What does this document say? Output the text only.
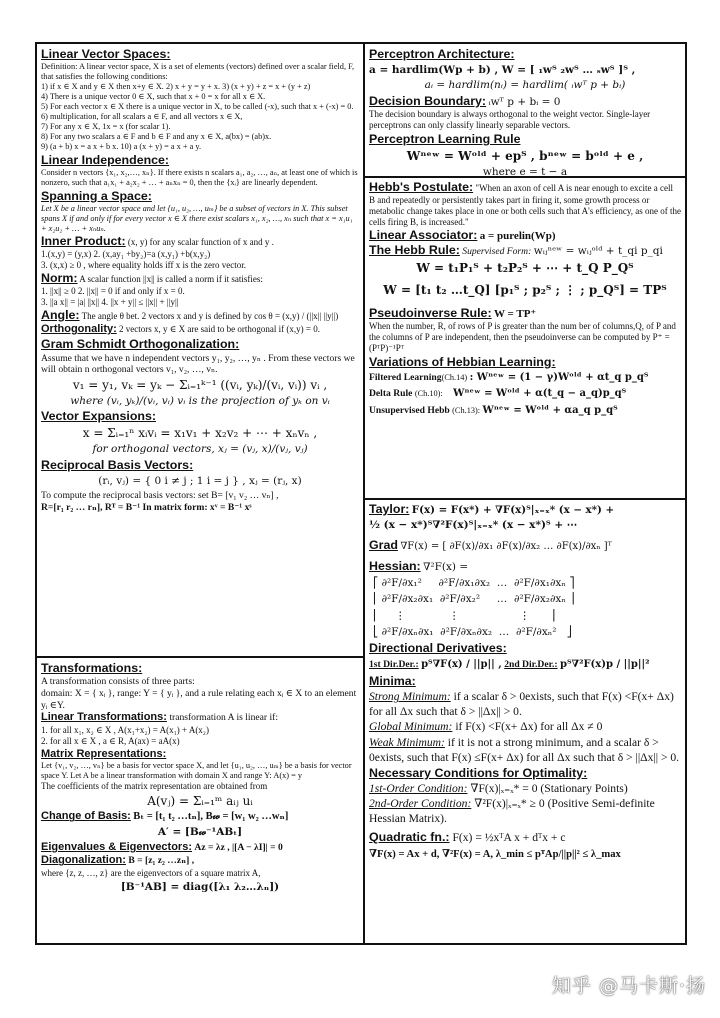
Linear Vector Spaces:
Definition: A linear vector space, X is a set of elements (vectors) defined over a scalar field, F, that satisfies the following conditions:
1) if x ∈ X and y ∈ X then x+y ∈ X. 2) x + y = y + x. 3) (x + y) + z = x + (y + z)
4) There is a unique vector 0 ∈ X, such that x + 0 = x for all x ∈ X.
5) For each vector x ∈ X there is a unique vector in X, to be called (-x), such that x + (-x) = 0. 6) multiplication, for all scalars a ∈ F, and all vectors x ∈ X,
7) For any x ∈ X, 1x = x (for scalar 1).
8) For any two scalars a ∈ F and b ∈ F and any x ∈ X, a(bx) = (ab)x.
9) (a + b) x = a x + b x. 10) a (x + y) = a x + a y.
Linear Independence:
Consider n vectors {x₁, x₂,…, xₙ}. If there exists n scalars a₁, a₂, …, aₙ, at least one of which is nonzero, such that a₁x₁ + a₂x₂ + … + aₙxₙ = 0, then the {xᵢ} are linearly dependent.
Spanning a Space:
Let X be a linear vector space and let {u₁, u₂, …, uₘ} be a subset of vectors in X. This subset spans X if and only if for every vector x ∈ X there exist scalars x₁, x₂, …, xₙ such that x = x₁u₁ + x₂u₂ + … + xₙuₙ.
Inner Product: (x, y) for any scalar function of x and y .
1.(x,y) = (y,x) 2. (x,ay₁ +by₂)=a (x,y₁) +b(x,y₂)
3. (x,x) ≥ 0 , where equality holds iff x is the zero vector.
Norm: A scalar function ||x|| is called a norm if it satisfies:
1. ||x|| ≥ 0 2. ||x|| = 0 if and only if x = 0.
3. ||a x|| = |a| ||x|| 4. ||x + y|| ≤ ||x|| + ||y||
Angle: The angle θ bet. 2 vectors x and y is defined by cos θ = (x,y) / (||x|| ||y||)
Orthogonality: 2 vectors x, y ∈ X are said to be orthogonal if (x,y) = 0.
Gram Schmidt Orthogonalization:
Assume that we have n independent vectors y₁, y₂, …, yₙ . From these vectors we will obtain n orthogonal vectors v₁, v₂, …, vₙ.
v₁ = y₁, vₖ = yₖ − Σᵢ₌₁ᵏ⁻¹ ((vᵢ, yₖ)/(vᵢ, vᵢ)) vᵢ ,
where (vᵢ, yₖ)/(vᵢ, vᵢ) vᵢ is the projection of yₖ on vᵢ
Vector Expansions:
x = Σᵢ₌₁ⁿ xᵢvᵢ = x₁v₁ + x₂v₂ + ⋯ + xₙvₙ ,
for orthogonal vectors, xⱼ = (vⱼ, x)/(vⱼ, vⱼ)
Reciprocal Basis Vectors:
(rᵢ, vⱼ) = { 0 i ≠ j ; 1 i = j } , xⱼ = (rⱼ, x)
To compute the reciprocal basis vectors: set B= [v₁ v₂ … vₙ] ,
R=[r₁ r₂ … rₙ], Rᵀ = B⁻¹ In matrix form: xᵛ = B⁻¹ xˢ
Transformations:
A transformation consists of three parts:
domain: X = { xᵢ }, range: Y = { yᵢ }, and a rule relating each xᵢ ∈ X to an element yᵢ ∈Y.
Linear Transformations: transformation A is linear if:
1. for all x₁, x₂ ∈ X , A(x₁+x₂) = A(x₁) + A(x₂)
2. for all x ∈ X , a ∈ R, A(ax) = aA(x)
Matrix Representations:
Let {v₁, v₂, …, vₙ} be a basis for vector space X, and let {u₁, u₂, …, uₘ} be a basis for vector space Y. Let A be a linear transformation with domain X and range Y: A(x) = y
The coefficients of the matrix representation are obtained from
A(vⱼ) = Σᵢ₌₁ᵐ aᵢⱼ uᵢ
Change of Basis: Bₜ = [t₁ t₂ …tₙ], B𝓌 = [w₁ w₂ …wₙ]
A′ = [B𝓌⁻¹ABₜ]
Eigenvalues & Eigenvectors: Az = λz , |[A − λI]| = 0
Diagonalization: B = [z₁ z₂ …zₙ] ,
where {z, z, …, z} are the eigenvectors of a square matrix A,
[B⁻¹AB] = diag([λ₁ λ₂…λₙ])
Perceptron Architecture:
a = hardlim(Wp + b) , W = [ ₁wᵀ ₂wᵀ … ₛwᵀ ]ᵀ ,
aᵢ = hardlim(nᵢ) = hardlim( ᵢwᵀ p + bᵢ)
Decision Boundary: ᵢwᵀ p + bᵢ = 0
The decision boundary is always orthogonal to the weight vector. Single-layer perceptrons can only classify linearly separable vectors.
Perceptron Learning Rule
Wⁿᵉʷ = Wᵒˡᵈ + epᵀ , bⁿᵉʷ = bᵒˡᵈ + e ,
where e = t − a
Hebb's Postulate: "When an axon of cell A is near enough to excite a cell B and repeatedly or persistently takes part in firing it, some growth process or metabolic change takes place in one or both cells such that A's efficiency, as one of the cells firing B, is increased."
Linear Associator: a = purelin(Wp)
The Hebb Rule: Supervised Form: wᵢⱼⁿᵉʷ = wᵢⱼᵒˡᵈ + t_qi p_qi
W = t₁P₁ᵀ + t₂P₂ᵀ + ⋯ + t_Q P_Qᵀ
W = [t₁ t₂ …t_Q] [p₁ᵀ ; p₂ᵀ ; ⋮ ; p_Qᵀ] = TPᵀ
Pseudoinverse Rule: W = TP⁺
When the number, R, of rows of P is greater than the num ber of columns,Q, of P and the columns of P are independent, then the pseudoinverse can be computed by P⁺ = (PᵀP)⁻¹Pᵀ
Variations of Hebbian Learning:
Filtered Learning(Ch.14) : Wⁿᵉʷ = (1 − γ)Wᵒˡᵈ + αt_q p_qᵀ
Delta Rule (Ch.10): Wⁿᵉʷ = Wᵒˡᵈ + α(t_q − a_q)p_qᵀ
Unsupervised Hebb (Ch.13): Wⁿᵉʷ = Wᵒˡᵈ + αa_q p_qᵀ
Taylor: F(x) = F(x*) + ∇F(x)ᵀ|ₓ₌ₓ* (x − x*) +
½ (x − x*)ᵀ∇²F(x)ᵀ|ₓ₌ₓ* (x − x*)ᵀ + ⋯
Grad ∇F(x) = [ ∂F(x)/∂x₁ ∂F(x)/∂x₂ … ∂F(x)/∂xₙ ]ᵀ
Hessian: ∇²F(x) =
⎡ ∂²F/∂x₁²     ∂²F/∂x₁∂x₂  …  ∂²F/∂x₁∂xₙ ⎤
⎢ ∂²F/∂x₂∂x₁  ∂²F/∂x₂²     …  ∂²F/∂x₂∂xₙ ⎥
⎢     ⋮             ⋮                  ⋮      ⎥
⎣ ∂²F/∂xₙ∂x₁  ∂²F/∂xₙ∂x₂  …  ∂²F/∂xₙ²   ⎦
Directional Derivatives:
1st Dir.Der.: pᵀ∇F(x) / ||p|| , 2nd Dir.Der.: pᵀ∇²F(x)p / ||p||²
Minima:
Strong Minimum: if a scalar δ > 0exists, such that F(x) <F(x+ Δx) for all Δx such that δ > ||Δx|| > 0.
Global Minimum: if F(x) <F(x+ Δx) for all Δx ≠ 0
Weak Minimum: if it is not a strong minimum, and a scalar δ > 0exists, such that F(x) ≤F(x+ Δx) for all Δx such that δ > ||Δx|| > 0.
Necessary Conditions for Optimality:
1st-Order Condition: ∇F(x)|ₓ₌ₓ* = 0 (Stationary Points)
2nd-Order Condition: ∇²F(x)|ₓ₌ₓ* ≥ 0 (Positive Semi-definite Hessian Matrix).
Quadratic fn.: F(x) = ½xᵀA x + dᵀx + c
∇F(x) = Ax + d, ∇²F(x) = A, λ_min ≤ pᵀAp/||p||² ≤ λ_max
知乎 @马卡斯·扬
